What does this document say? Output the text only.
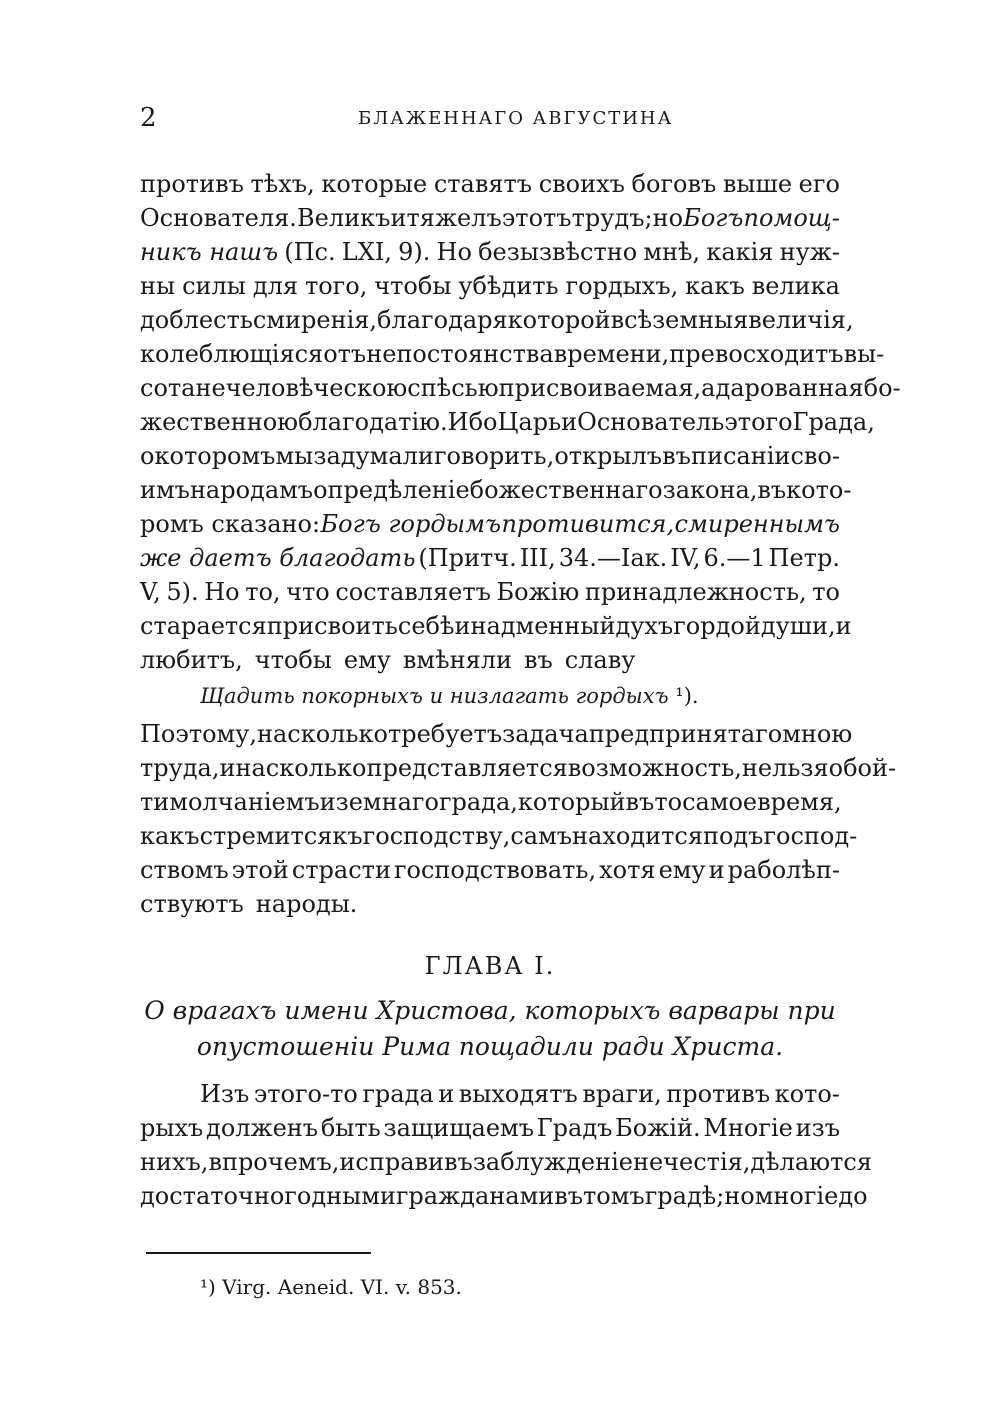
2	БЛАЖЕННАГО АВГУСТИНА
противъ тѣхъ, которые ставятъ своихъ боговъ выше его
Основателя. Великъ и тяжелъ этотъ трудъ; но Богъ помощ-
никъ нашъ (Пс. LXI, 9). Но безызвѣстно мнѣ, какія нуж-
ны силы для того, чтобы убѣдить гордыхъ, какъ велика
доблесть смиренія, благодаря которой всѣ земныя величія,
колеблющіяся отъ непостоянства времени, превосходитъ вы-
сота нечеловѣческою спѣсью присвоиваемая, а дарованная бо-
жественною благодатію. Ибо Царь и Основатель этого Града,
о которомъ мы задумали говорить, открылъ въ писаніи сво-
имъ народамъ опредѣленіе божественнаго закона, въ кото-
ромъ сказано: Богъ гордымъ противится, смиреннымъ
же даетъ благодать (Притч. III, 34.—Іак. IV, 6.—1 Петр.
V, 5). Но то, что составляетъ Божію принадлежность, то
старается присвоить себѣ и надменный духъ гордой души, и
любитъ, чтобы ему вмѣняли въ славу
Щадить покорныхъ и низлагать гордыхъ ¹).
Поэтому, насколько требуетъ задача предпринятаго мною
труда, и насколько представляется возможность, нельзя обой-
ти молчаніемъ и земнаго града, который въ то самое время,
какъ стремится къ господству, самъ находится подъ господ-
ствомъ этой страсти господствовать, хотя ему и раболѣп-
ствуютъ народы.
ГЛАВА I.
О врагахъ имени Христова, которыхъ варвары при
опустошеніи Рима пощадили ради Христа.
Изъ этого-то града и выходятъ враги, противъ кото-
рыхъ долженъ быть защищаемъ Градъ Божій. Многіе изъ
нихъ, впрочемъ, исправивъ заблужденіе нечестія, дѣлаются
достаточно годными гражданами въ томъ градѣ; но многіе до
¹) Virg. Aeneid. VI. v. 853.
